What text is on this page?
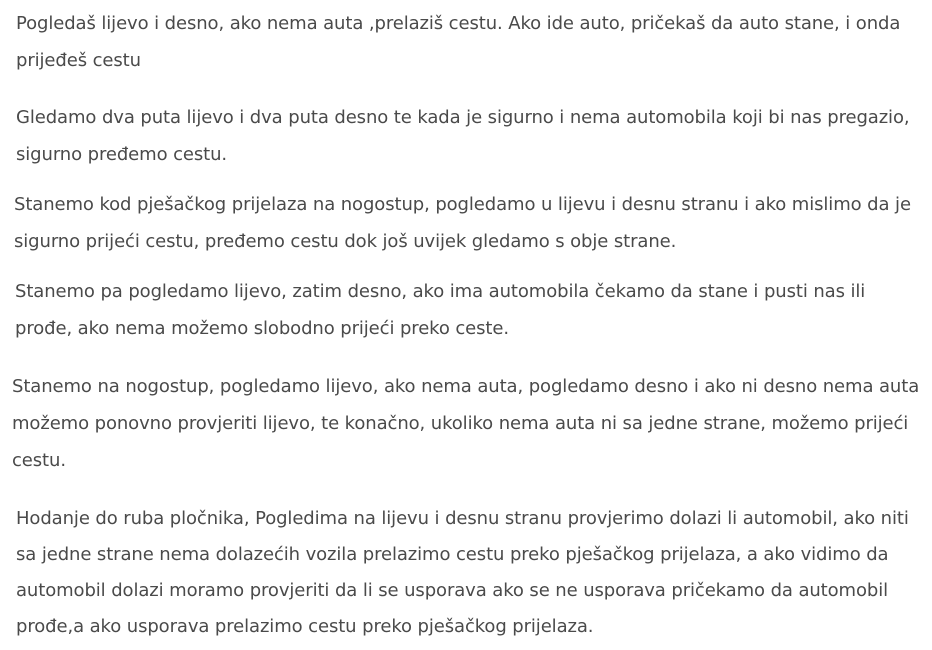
Pogledaš lijevo i desno, ako nema auta ,prelaziš cestu. Ako ide auto, pričekaš da auto stane, i onda
prijeđeš cestu

Gledamo dva puta lijevo i dva puta desno te kada je sigurno i nema automobila koji bi nas pregazio,
sigurno pređemo cestu.

Stanemo kod pješačkog prijelaza na nogostup, pogledamo u lijevu i desnu stranu i ako mislimo da je
sigurno prijeći cestu, pređemo cestu dok još uvijek gledamo s obje strane.

Stanemo pa pogledamo lijevo, zatim desno, ako ima automobila čekamo da stane i pusti nas ili
prođe, ako nema možemo slobodno prijeći preko ceste.

Stanemo na nogostup, pogledamo lijevo, ako nema auta, pogledamo desno i ako ni desno nema auta
možemo ponovno provjeriti lijevo, te konačno, ukoliko nema auta ni sa jedne strane, možemo prijeći
cestu.

Hodanje do ruba pločnika, Pogledima na lijevu i desnu stranu provjerimo dolazi li automobil, ako niti
sa jedne strane nema dolazećih vozila prelazimo cestu preko pješačkog prijelaza, a ako vidimo da
automobil dolazi moramo provjeriti da li se usporava ako se ne usporava pričekamo da automobil
prođe,a ako usporava prelazimo cestu preko pješačkog prijelaza.
